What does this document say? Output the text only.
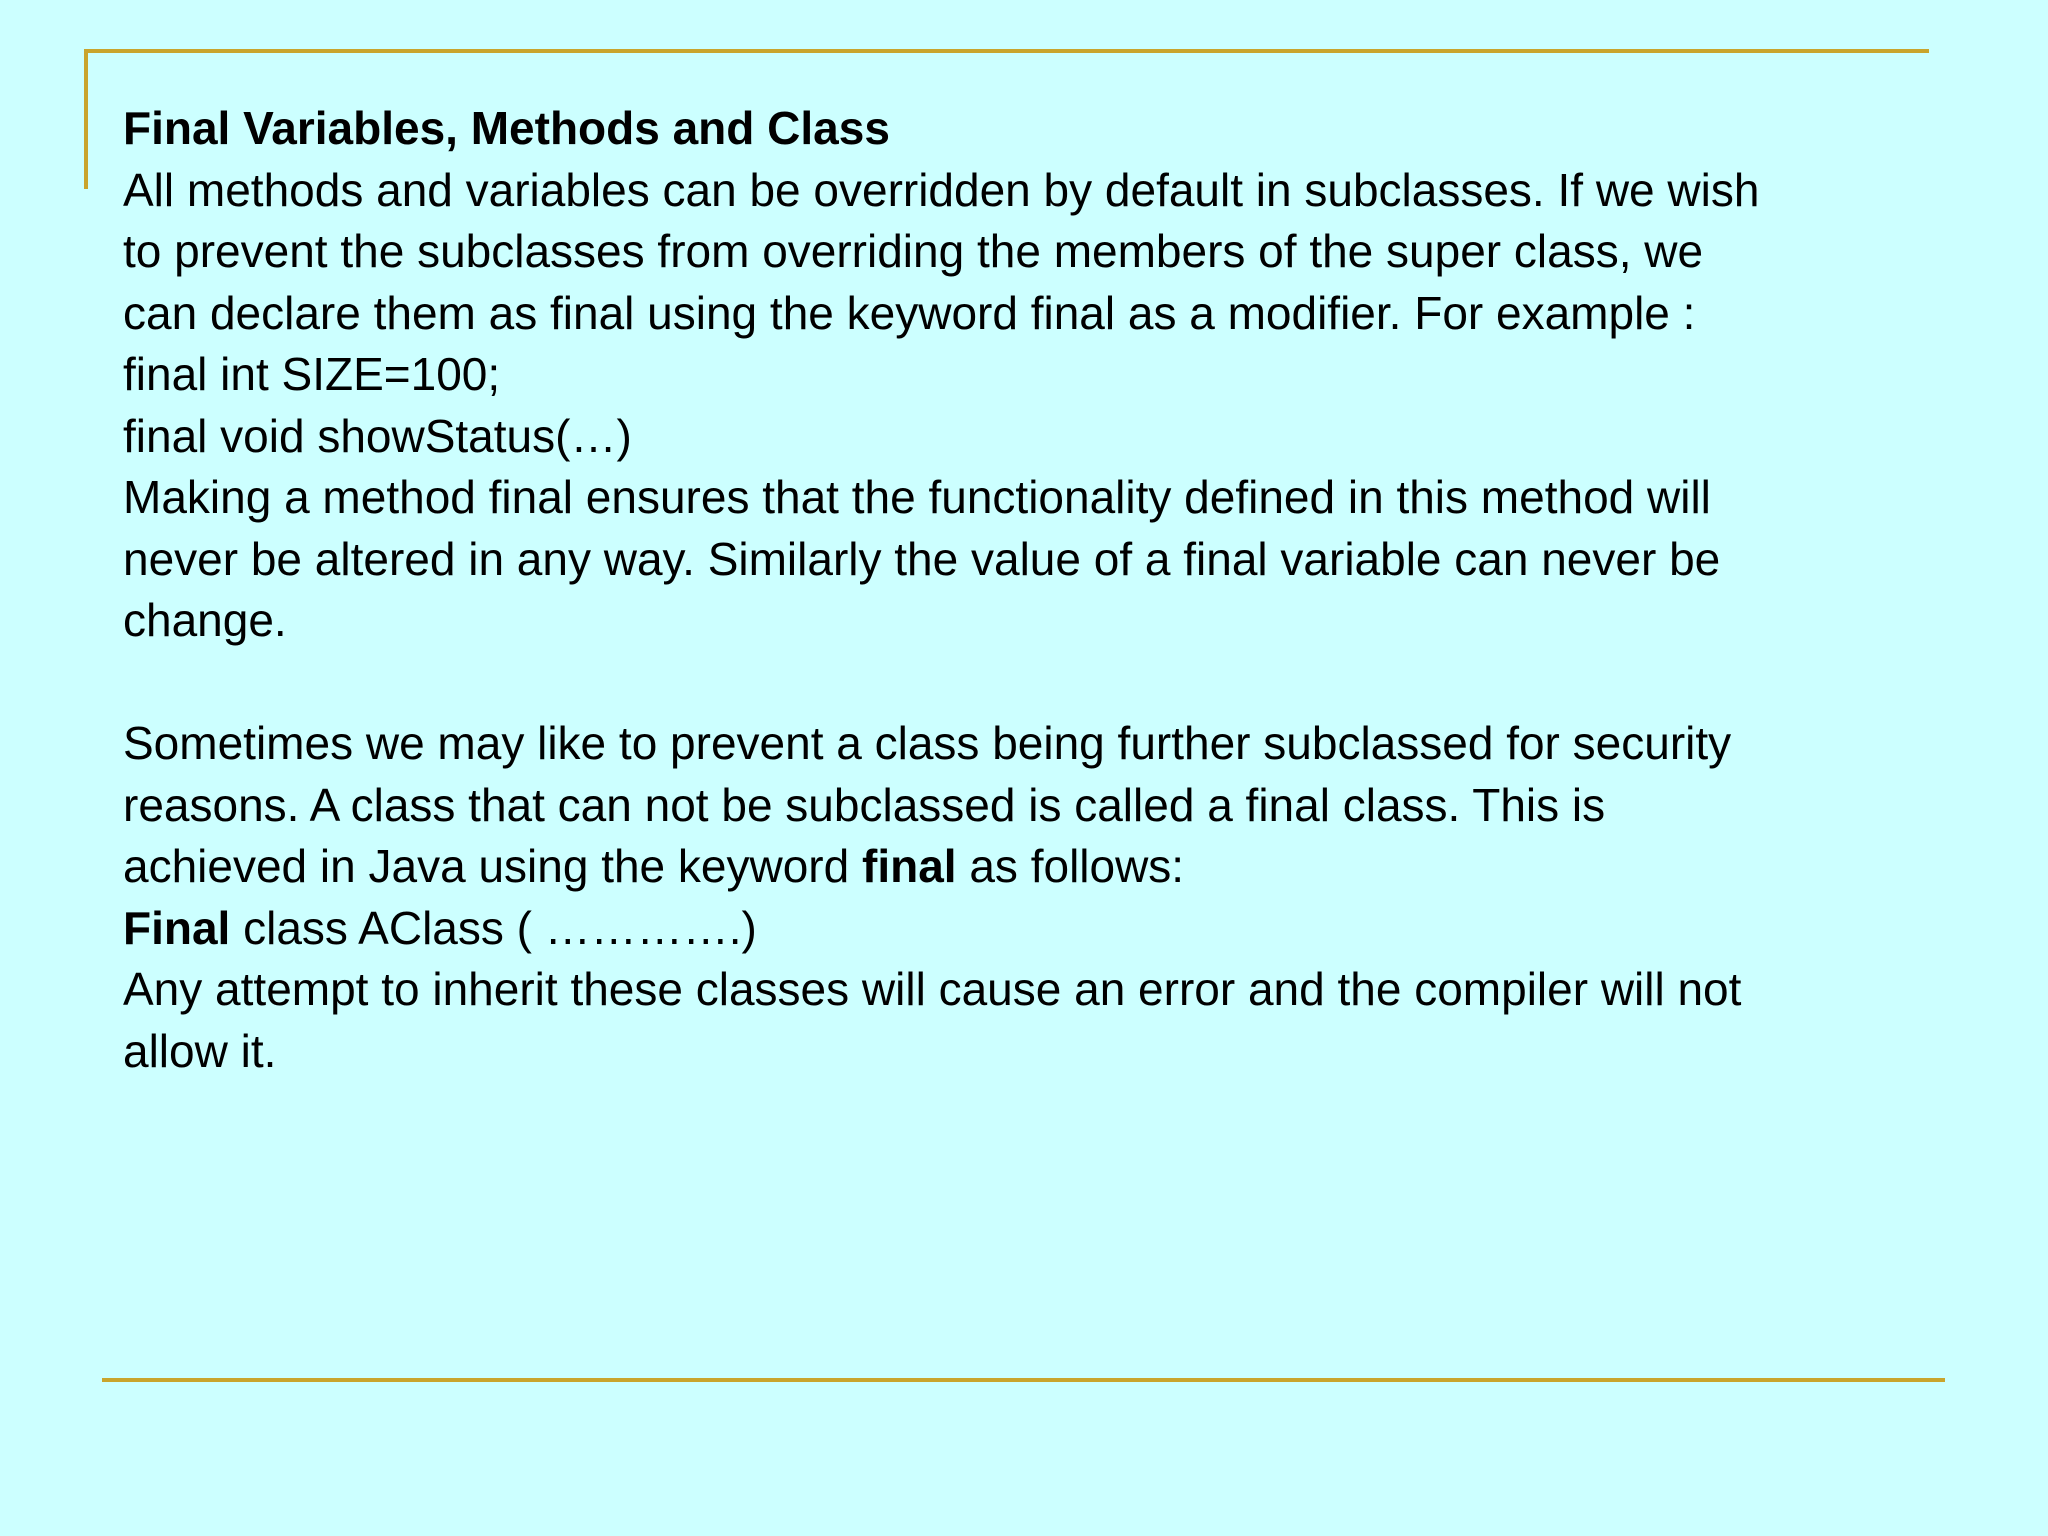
Final Variables, Methods and Class
All methods and variables can be overridden by default in subclasses. If we wish
to prevent the subclasses from overriding the members of the super class, we
can declare them as final using the keyword final as a modifier. For example :
final int SIZE=100;
final void showStatus(…)
Making a method final ensures that the functionality defined in this method will
never be altered in any way. Similarly the value of a final variable can never be
change.
Sometimes we may like to prevent a class being further subclassed for security
reasons. A class that can not be subclassed is called a final class. This is
achieved in Java using the keyword final as follows:
Final class AClass ( ………….)
Any attempt to inherit these classes will cause an error and the compiler will not
allow it.
